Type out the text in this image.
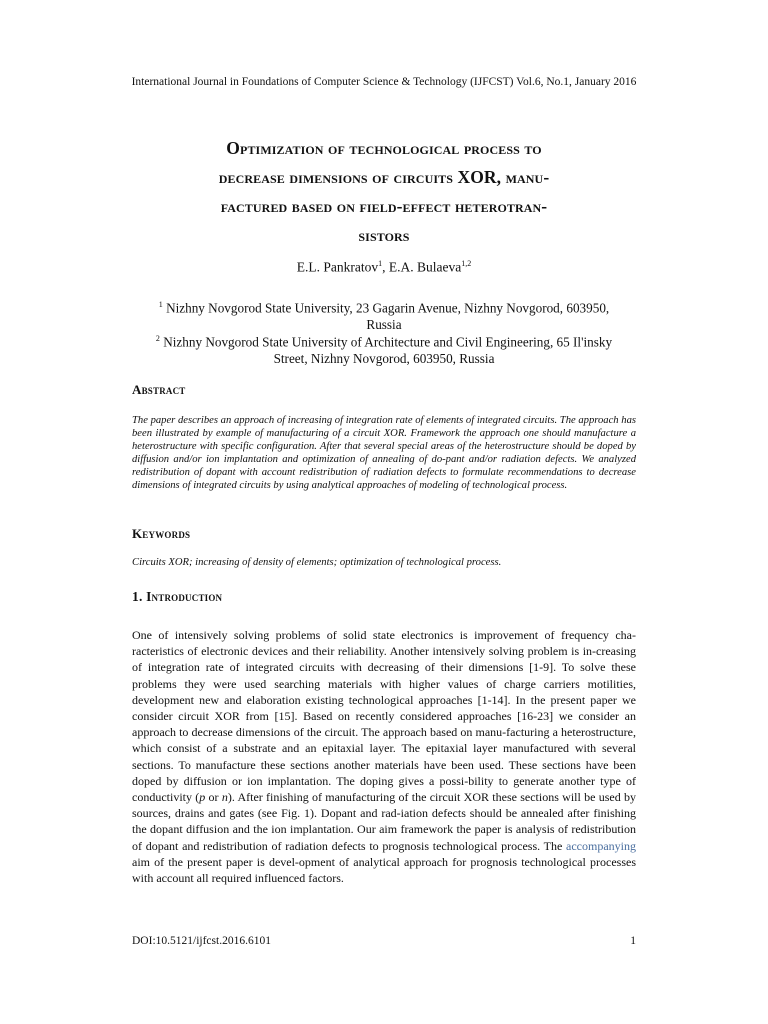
International Journal in Foundations of Computer Science & Technology (IJFCST) Vol.6, No.1, January 2016
Optimization of technological process to
decrease dimensions of circuits XOR, manu-
factured based on field-effect heterotran-
sistors
E.L. Pankratov$^1$, E.A. Bulaeva$^{1,2}$
$^1$ Nizhny Novgorod State University, 23 Gagarin Avenue, Nizhny Novgorod, 603950,
Russia
$^2$ Nizhny Novgorod State University of Architecture and Civil Engineering, 65 Il'insky
Street, Nizhny Novgorod, 603950, Russia
Abstract
The paper describes an approach of increasing of integration rate of elements of integrated circuits. The approach has been illustrated by example of manufacturing of a circuit XOR. Framework the approach one should manufacture a heterostructure with specific configuration. After that several special areas of the heterostructure should be doped by diffusion and/or ion implantation and optimization of annealing of do-pant and/or radiation defects. We analyzed redistribution of dopant with account redistribution of radiation defects to formulate recommendations to decrease dimensions of integrated circuits by using analytical approaches of modeling of technological process.
Keywords
Circuits XOR; increasing of density of elements; optimization of technological process.
1. Introduction
One of intensively solving problems of solid state electronics is improvement of frequency cha-racteristics of electronic devices and their reliability. Another intensively solving problem is in-creasing of integration rate of integrated circuits with decreasing of their dimensions [1-9]. To solve these problems they were used searching materials with higher values of charge carriers motilities, development new and elaboration existing technological approaches [1-14]. In the present paper we consider circuit XOR from [15]. Based on recently considered approaches [16-23] we consider an approach to decrease dimensions of the circuit. The approach based on manu-facturing a heterostructure, which consist of a substrate and an epitaxial layer. The epitaxial layer manufactured with several sections. To manufacture these sections another materials have been used. These sections have been doped by diffusion or ion implantation. The doping gives a possi-bility to generate another type of conductivity (p or n). After finishing of manufacturing of the circuit XOR these sections will be used by sources, drains and gates (see Fig. 1). Dopant and rad-iation defects should be annealed after finishing the dopant diffusion and the ion implantation. Our aim framework the paper is analysis of redistribution of dopant and redistribution of radiation defects to prognosis technological process. The accompanying aim of the present paper is devel-opment of analytical approach for prognosis technological processes with account all required influenced factors.
DOI:10.5121/ijfcst.2016.6101	1
